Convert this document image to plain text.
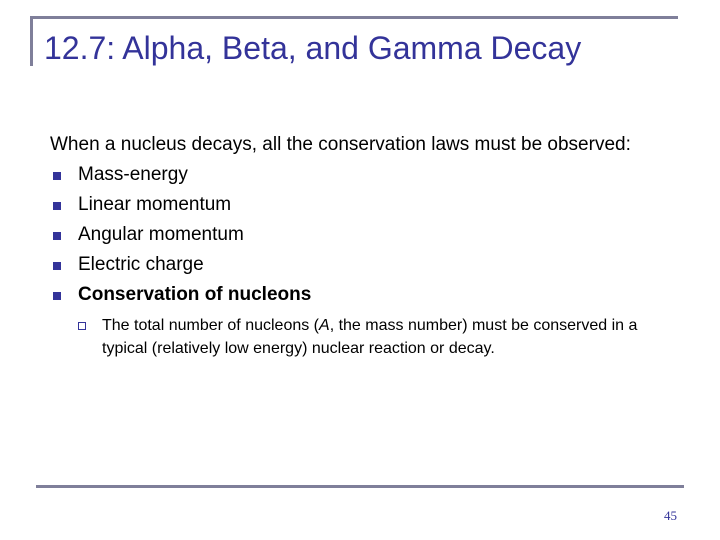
12.7: Alpha, Beta, and Gamma Decay

When a nucleus decays, all the conservation laws must be observed:

Mass-energy
Linear momentum
Angular momentum
Electric charge
Conservation of nucleons
The total number of nucleons (A, the mass number) must be conserved in a typical (relatively low energy) nuclear reaction or decay.
45
